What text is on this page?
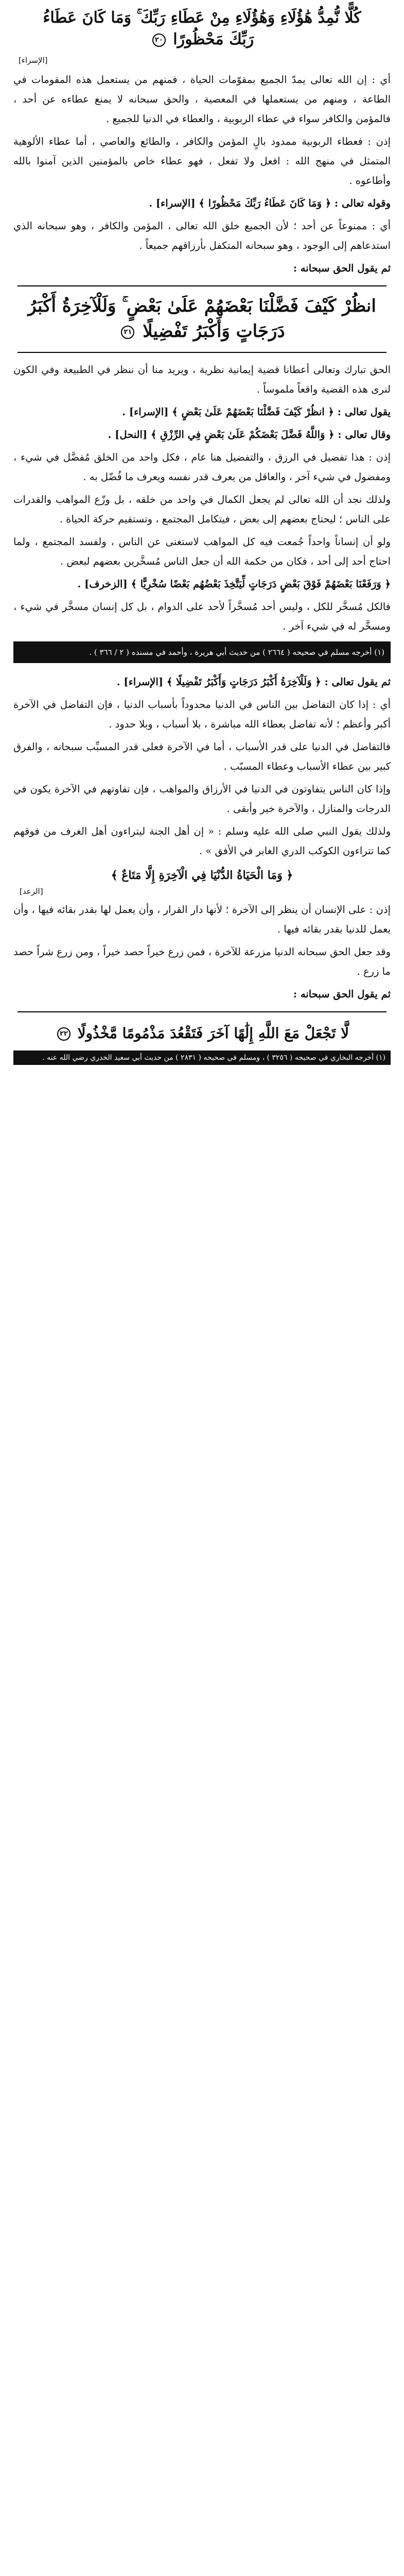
كُلًّا نُّمِدُّ هَٰؤُلَاءِ وَهَٰؤُلَاءِ مِنْ عَطَاءِ رَبِّكَ ۚ وَمَا كَانَ عَطَاءُ رَبِّكَ مَحْظُورًا ٢٠
[الإسراء]

أي : إن الله تعالى يمدّ الجميع بمقوّمات الحياة ، فمنهم من يستعمل هذه المقومات في الطاعة ، ومنهم من يستعملها في المعصية ، والحق سبحانه لا يمنع عطاءه عن أحد ، فالمؤمن والكافر سواء في عطاء الربوبية ، والعطاء في الدنيا للجميع .

إذن : فعطاء الربوبية ممدود بالٍ المؤمن والكافر ، والطائع والعاصي ، أما عطاء الألوهية المتمثل في منهج الله : افعل ولا تفعل ، فهو عطاء خاص بالمؤمنين الذين آمنوا بالله وأطاعوه .

وقوله تعالى : ﴿ وَمَا كَانَ عَطَاءُ رَبِّكَ مَحْظُورًا ﴾ [الإسراء] .

أي : ممنوعاً عن أحد ؛ لأن الجميع خلق الله تعالى ، المؤمن والكافر ، وهو سبحانه الذي استدعاهم إلى الوجود ، وهو سبحانه المتكفل بأرزاقهم جميعاً .

ثم يقول الحق سبحانه :

انظُرْ كَيْفَ فَضَّلْنَا بَعْضَهُمْ عَلَىٰ بَعْضٍ ۚ وَلَلْآخِرَةُ أَكْبَرُ دَرَجَاتٍ وَأَكْبَرُ تَفْضِيلًا ٢١

الحق تبارك وتعالى أعطانا قضية إيمانية نظرية ، ويريد منا أن ننظر في الطبيعة وفي الكون لنرى هذه القضية واقعاً ملموساً .

يقول تعالى : ﴿ انظُرْ كَيْفَ فَضَّلْنَا بَعْضَهُمْ عَلَىٰ بَعْضٍ ﴾ [الإسراء] .

وقال تعالى : ﴿ وَاللَّهُ فَضَّلَ بَعْضَكُمْ عَلَىٰ بَعْضٍ فِي الرِّزْقِ ﴾ [النحل] .

إذن : هذا تفضيل في الرزق ، والتفضيل هنا عام ، فكل واحد من الخلق مُفضَّل في شيء ، ومفضول في شيء آخر ، والعاقل من يعرف قدر نفسه ويعرف ما فُضّل به .

ولذلك نجد أن الله تعالى لم يجعل الكمال في واحد من خلقه ، بل وزّع المواهب والقدرات على الناس ؛ ليحتاج بعضهم إلى بعض ، فيتكامل المجتمع ، وتستقيم حركة الحياة .

ولو أن إنساناً واحداً جُمعت فيه كل المواهب لاستغنى عن الناس ، ولفسد المجتمع ، ولما احتاج أحد إلى أحد ، فكان من حكمة الله أن جعل الناس مُسخَّرين بعضهم لبعض .

﴿ وَرَفَعْنَا بَعْضَهُمْ فَوْقَ بَعْضٍ دَرَجَاتٍ لِّيَتَّخِذَ بَعْضُهُم بَعْضًا سُخْرِيًّا ﴾ [الزخرف] .

فالكل مُسخَّر للكل ، وليس أحد مُسخَّراً لأحد على الدوام ، بل كل إنسان مسخَّر في شيء ، ومسخَّر له في شيء آخر .

(١) أخرجه مسلم في صحيحه ( ٢٦٦٤ ) من حديث أبي هريرة ، وأحمد في مسنده ( ٢ / ٣٦٦ ) .

ثم يقول تعالى : ﴿ وَلَلْآخِرَةُ أَكْبَرُ دَرَجَاتٍ وَأَكْبَرُ تَفْضِيلًا ﴾ [الإسراء] .

أي : إذا كان التفاضل بين الناس في الدنيا محدوداً بأسباب الدنيا ، فإن التفاضل في الآخرة أكبر وأعظم ؛ لأنه تفاضل بعطاء الله مباشرة ، بلا أسباب ، وبلا حدود .

فالتفاضل في الدنيا على قدر الأسباب ، أما في الآخرة فعلى قدر المسبِّب سبحانه ، والفرق كبير بين عطاء الأسباب وعطاء المسبّب .

وإذا كان الناس يتفاوتون في الدنيا في الأرزاق والمواهب ، فإن تفاوتهم في الآخرة يكون في الدرجات والمنازل ، والآخرة خير وأبقى .

ولذلك يقول النبي صلى الله عليه وسلم : « إن أهل الجنة ليتراءون أهل الغرف من فوقهم كما تتراءون الكوكب الدري الغابر في الأفق » .

﴿ وَمَا الْحَيَاةُ الدُّنْيَا فِي الْآخِرَةِ إِلَّا مَتَاعٌ ﴾
[الرعد]

إذن : على الإنسان أن ينظر إلى الآخرة ؛ لأنها دار القرار ، وأن يعمل لها بقدر بقائه فيها ، وأن يعمل للدنيا بقدر بقائه فيها .

وقد جعل الحق سبحانه الدنيا مزرعة للآخرة ، فمن زرع خيراً حصد خيراً ، ومن زرع شراً حصد ما زرع .

ثم يقول الحق سبحانه :

لَّا تَجْعَلْ مَعَ اللَّهِ إِلَٰهًا آخَرَ فَتَقْعُدَ مَذْمُومًا مَّخْذُولًا ٢٢
(١) أخرجه البخاري في صحيحه ( ٣٢٥٦ ) ، ومسلم في صحيحه ( ٢٨٣١ ) من حديث أبي سعيد الخدري رضي الله عنه .
